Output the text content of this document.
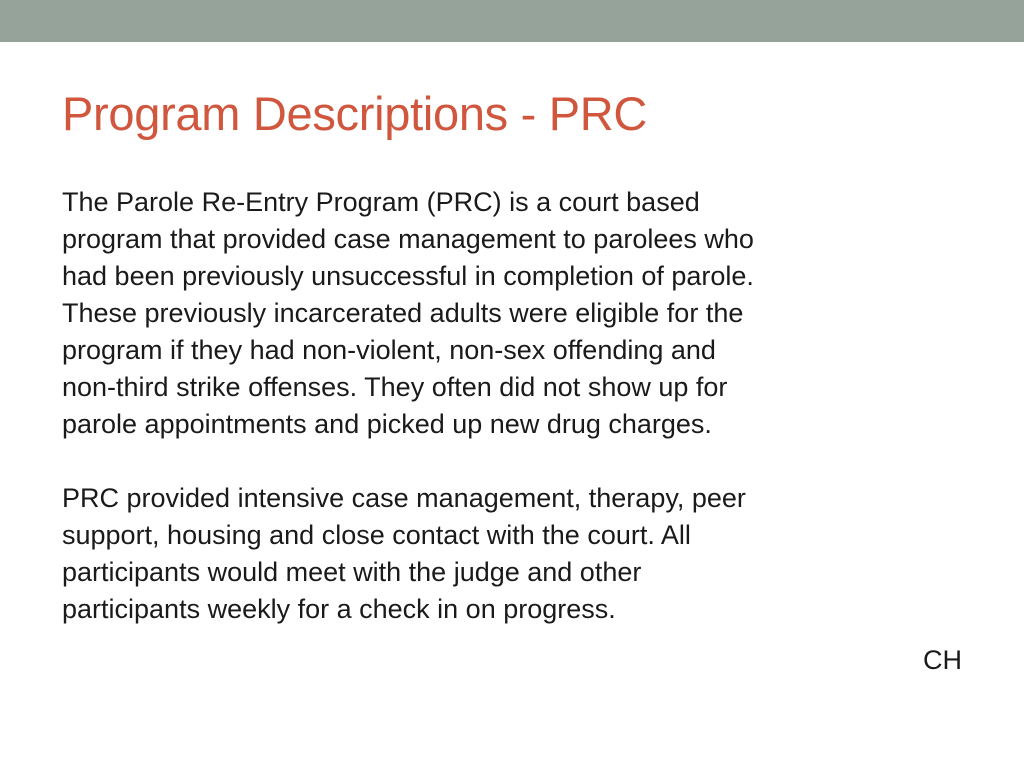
Program Descriptions - PRC

The Parole Re-Entry Program (PRC) is a court based
program that provided case management to parolees who
had been previously unsuccessful in completion of parole.
These previously incarcerated adults were eligible for the
program if they had non-violent, non-sex offending and
non-third strike offenses. They often did not show up for
parole appointments and picked up new drug charges.

PRC provided intensive case management, therapy, peer
support, housing and close contact with the court. All
participants would meet with the judge and other
participants weekly for a check in on progress.

CH
